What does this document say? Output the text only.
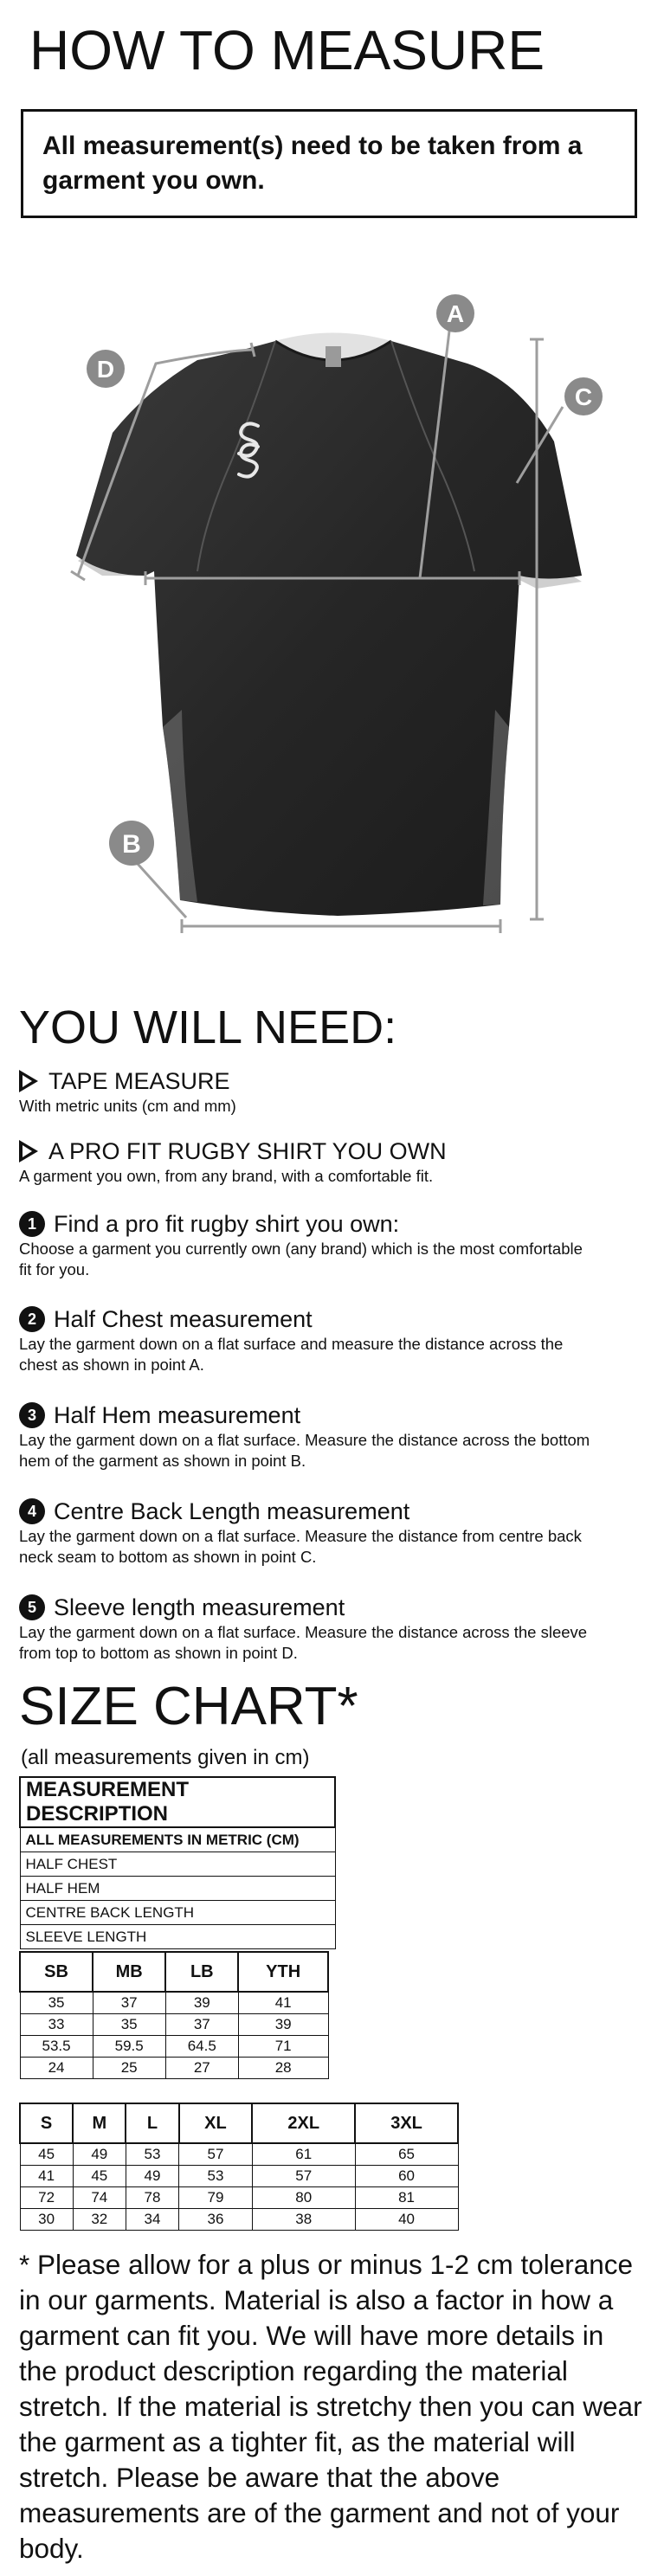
HOW TO MEASURE
All measurement(s) need to be taken from a garment you own.
A
C
D
B
YOU WILL NEED:
TAPE MEASURE
With metric units (cm and mm)
A PRO FIT RUGBY SHIRT YOU OWN
A garment you own, from any brand, with a comfortable fit.
1 Find a pro fit rugby shirt you own:
Choose a garment you currently own (any brand) which is the most comfortable fit for you.
2 Half Chest measurement
Lay the garment down on a flat surface and measure the distance across the chest as shown in point A.
3 Half Hem measurement
Lay the garment down on a flat surface. Measure the distance across the bottom hem of the garment as shown in point B.
4 Centre Back Length measurement
Lay the garment down on a flat surface. Measure the distance from centre back neck seam to bottom as shown in point C.
5 Sleeve length measurement
Lay the garment down on a flat surface. Measure the distance across the sleeve from top to bottom as shown in point D.
SIZE CHART*
(all measurements given in cm)
MEASUREMENT DESCRIPTION
ALL MEASUREMENTS IN METRIC (CM)
HALF CHEST
HALF HEM
CENTRE BACK LENGTH
SLEEVE LENGTH
SB	MB	LB	YTH
35	37	39	41
33	35	37	39
53.5	59.5	64.5	71
24	25	27	28
S	M	L	XL	2XL	3XL
45	49	53	57	61	65
41	45	49	53	57	60
72	74	78	79	80	81
30	32	34	36	38	40
* Please allow for a plus or minus 1-2 cm tolerance in our garments. Material is also a factor in how a garment can fit you. We will have more details in the product description regarding the material stretch. If the material is stretchy then you can wear the garment as a tighter fit, as the material will stretch. Please be aware that the above measurements are of the garment and not of your body.
